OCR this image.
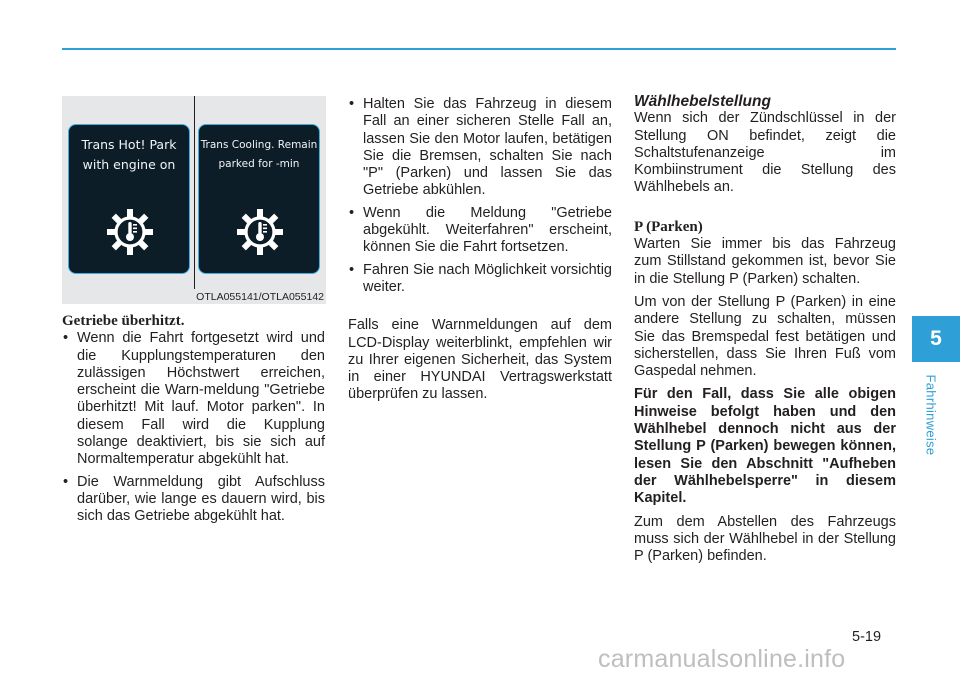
Trans Hot! Park
with engine on
Trans Cooling. Remain
parked for -min
OTLA055141/OTLA055142

Getriebe überhitzt.

• Wenn die Fahrt fortgesetzt wird und die Kupplungstemperaturen den zulässigen Höchstwert erreichen, erscheint die Warn-meldung "Getriebe überhitzt! Mit lauf. Motor parken". In diesem Fall wird die Kupplung solange deaktiviert, bis sie sich auf Normaltemperatur abgekühlt hat.
• Die Warnmeldung gibt Aufschluss darüber, wie lange es dauern wird, bis sich das Getriebe abgekühlt hat.
• Halten Sie das Fahrzeug in diesem Fall an einer sicheren Stelle Fall an, lassen Sie den Motor laufen, betätigen Sie die Bremsen, schalten Sie nach "P" (Parken) und lassen Sie das Getriebe abkühlen.
• Wenn die Meldung "Getriebe abgekühlt. Weiterfahren" erscheint, können Sie die Fahrt fortsetzen.
• Fahren Sie nach Möglichkeit vorsichtig weiter.

Falls eine Warnmeldungen auf dem LCD-Display weiterblinkt, empfehlen wir zu Ihrer eigenen Sicherheit, das System in einer HYUNDAI Vertragswerkstatt überprüfen zu lassen.

Wählhebelstellung

Wenn sich der Zündschlüssel in der Stellung ON befindet, zeigt die Schaltstufenanzeige im Kombiinstrument die Stellung des Wählhebels an.

P (Parken)

Warten Sie immer bis das Fahrzeug zum Stillstand gekommen ist, bevor Sie in die Stellung P (Parken) schalten.

Um von der Stellung P (Parken) in eine andere Stellung zu schalten, müssen Sie das Bremspedal fest betätigen und sicherstellen, dass Sie Ihren Fuß vom Gaspedal nehmen.

Für den Fall, dass Sie alle obigen Hinweise befolgt haben und den Wählhebel dennoch nicht aus der Stellung P (Parken) bewegen können, lesen Sie den Abschnitt "Aufheben der Wählhebelsperre" in diesem Kapitel.

Zum dem Abstellen des Fahrzeugs muss sich der Wählhebel in der Stellung P (Parken) befinden.

5
Fahrhinweise
5-19
carmanualsonline.info
